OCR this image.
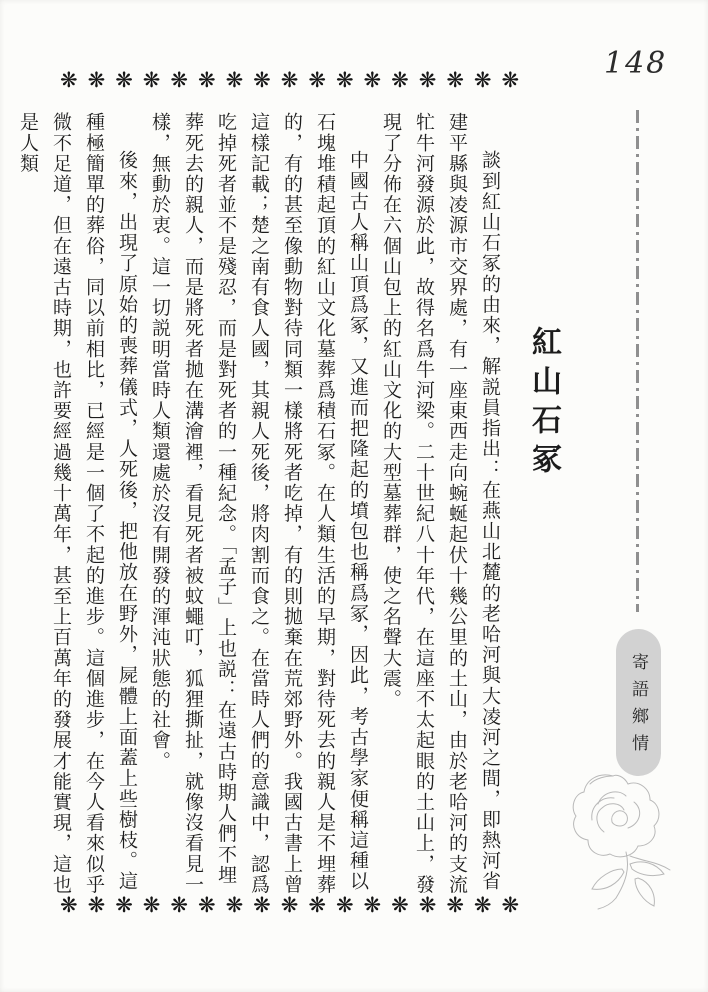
❋❋❋❋❋❋❋❋❋❋❋❋❋❋❋❋❋	148
寄語鄉情
紅山石冢

談到紅山石冢的由來，解説員指出：在燕山北麓的老哈河與大凌河之間，即熱河省建平縣與凌源市交界處，有一座東西走向蜿蜒起伏十幾公里的土山，由於老哈河的支流牤牛河發源於此，故得名爲牛河梁。二十世紀八十年代，在這座不太起眼的土山上，發現了分佈在六個山包上的紅山文化的大型墓葬群，使之名聲大震。

中國古人稱山頂爲冢，又進而把隆起的墳包也稱爲冢，因此，考古學家便稱這種以石塊堆積起頂的紅山文化墓葬爲積石冢。在人類生活的早期，對待死去的親人是不埋葬的，有的甚至像動物對待同類一樣將死者吃掉，有的則拋棄在荒郊野外。我國古書上曾這樣記載；楚之南有食人國，其親人死後，將肉割而食之。在當時人們的意識中，認爲吃掉死者並不是殘忍，而是對死者的一種紀念。「孟子」上也説：在遠古時期人們不埋葬死去的親人，而是將死者拋在溝澮裡，看見死者被蚊蠅叮，狐狸撕扯，就像沒看見一樣，無動於衷。這一切説明當時人類還處於沒有開發的渾沌狀態的社會。

後來，出現了原始的喪葬儀式，人死後，把他放在野外，屍體上面蓋上些樹枝。這種極簡單的葬俗，同以前相比，已經是一個了不起的進步。這個進步，在今人看來似乎微不足道，但在遠古時期，也許要經過幾十萬年，甚至上百萬年的發展才能實現，這也是人類

❋❋❋❋❋❋❋❋❋❋❋❋❋❋❋❋❋
